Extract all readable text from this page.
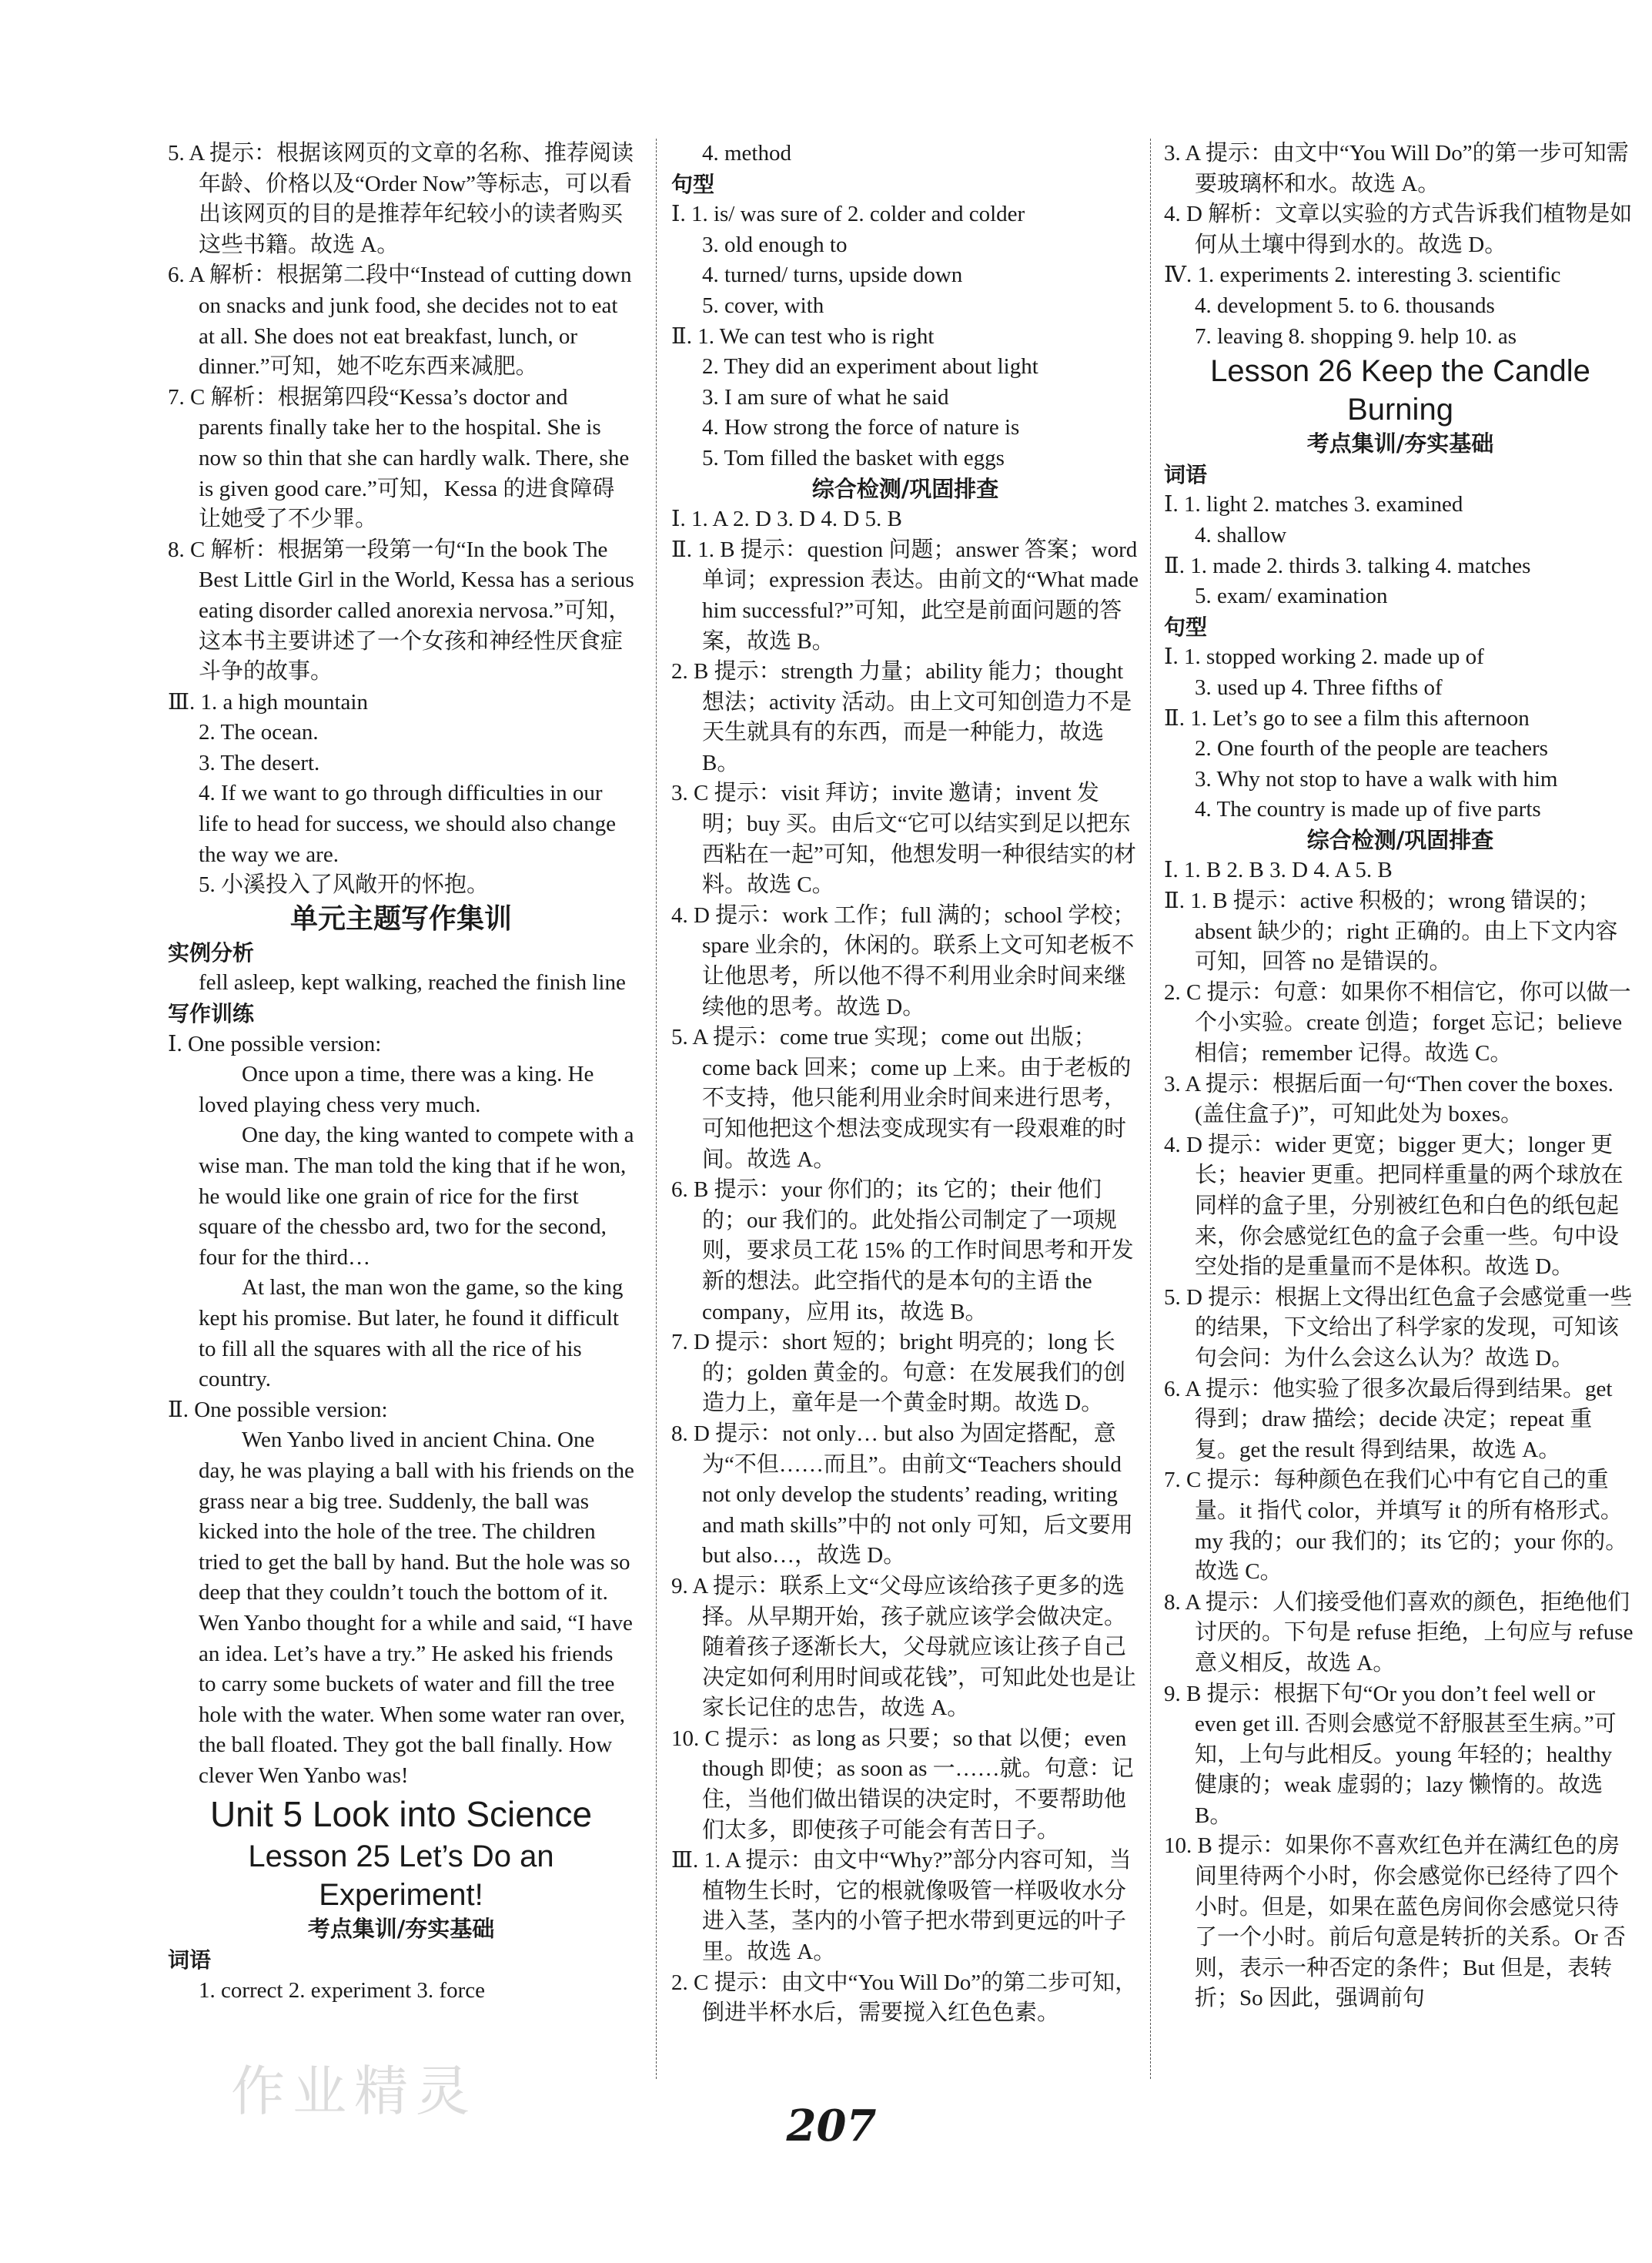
5. A 提示：根据该网页的文章的名称、推荐阅读年龄、价格以及“Order Now”等标志，可以看出该网页的目的是推荐年纪较小的读者购买这些书籍。故选 A。

6. A 解析：根据第二段中“Instead of cutting down on snacks and junk food, she decides not to eat at all. She does not eat breakfast, lunch, or dinner.”可知，她不吃东西来减肥。

7. C 解析：根据第四段“Kessa’s doctor and parents finally take her to the hospital. She is now so thin that she can hardly walk. There, she is given good care.”可知，Kessa 的进食障碍让她受了不少罪。

8. C 解析：根据第一段第一句“In the book The Best Little Girl in the World, Kessa has a serious eating disorder called anorexia nervosa.”可知，这本书主要讲述了一个女孩和神经性厌食症斗争的故事。

Ⅲ. 1. a high mountain

2. The ocean.

3. The desert.

4. If we want to go through difficulties in our life to head for success, we should also change the way we are.

5. 小溪投入了风敞开的怀抱。

单元主题写作集训

实例分析

fell asleep, kept walking, reached the finish line

写作训练

Ⅰ. One possible version:

Once upon a time, there was a king. He loved playing chess very much.

One day, the king wanted to compete with a wise man. The man told the king that if he won, he would like one grain of rice for the first square of the chessbo ard, two for the second, four for the third…

At last, the man won the game, so the king kept his promise. But later, he found it difficult to fill all the squares with all the rice of his country.

Ⅱ. One possible version:

Wen Yanbo lived in ancient China. One day, he was playing a ball with his friends on the grass near a big tree. Suddenly, the ball was kicked into the hole of the tree. The children tried to get the ball by hand. But the hole was so deep that they couldn’t touch the bottom of it. Wen Yanbo thought for a while and said, “I have an idea. Let’s have a try.” He asked his friends to carry some buckets of water and fill the tree hole with the water. When some water ran over, the ball floated. They got the ball finally. How clever Wen Yanbo was!

Unit 5 Look into Science

Lesson 25 Let’s Do an Experiment!

考点集训/夯实基础

词语

1. correct 2. experiment 3. force

4. method

句型

Ⅰ. 1. is/ was sure of 2. colder and colder

3. old enough to

4. turned/ turns, upside down

5. cover, with

Ⅱ. 1. We can test who is right

2. They did an experiment about light

3. I am sure of what he said

4. How strong the force of nature is

5. Tom filled the basket with eggs

综合检测/巩固排查

Ⅰ. 1. A 2. D 3. D 4. D 5. B

Ⅱ. 1. B 提示：question 问题；answer 答案；word 单词；expression 表达。由前文的“What made him successful?”可知，此空是前面问题的答案，故选 B。

2. B 提示：strength 力量；ability 能力；thought 想法；activity 活动。由上文可知创造力不是天生就具有的东西，而是一种能力，故选 B。

3. C 提示：visit 拜访；invite 邀请；invent 发明；buy 买。由后文“它可以结实到足以把东西粘在一起”可知，他想发明一种很结实的材料。故选 C。

4. D 提示：work 工作；full 满的；school 学校；spare 业余的，休闲的。联系上文可知老板不让他思考，所以他不得不利用业余时间来继续他的思考。故选 D。

5. A 提示：come true 实现；come out 出版；come back 回来；come up 上来。由于老板的不支持，他只能利用业余时间来进行思考，可知他把这个想法变成现实有一段艰难的时间。故选 A。

6. B 提示：your 你们的；its 它的；their 他们的；our 我们的。此处指公司制定了一项规则，要求员工花 15% 的工作时间思考和开发新的想法。此空指代的是本句的主语 the company，应用 its，故选 B。

7. D 提示：short 短的；bright 明亮的；long 长的；golden 黄金的。句意：在发展我们的创造力上，童年是一个黄金时期。故选 D。

8. D 提示：not only… but also 为固定搭配，意为“不但……而且”。由前文“Teachers should not only develop the students’ reading, writing and math skills”中的 not only 可知，后文要用 but also…，故选 D。

9. A 提示：联系上文“父母应该给孩子更多的选择。从早期开始，孩子就应该学会做决定。随着孩子逐渐长大，父母就应该让孩子自己决定如何利用时间或花钱”，可知此处也是让家长记住的忠告，故选 A。

10. C 提示：as long as 只要；so that 以便；even though 即使；as soon as 一……就。句意：记住，当他们做出错误的决定时，不要帮助他们太多，即使孩子可能会有苦日子。

Ⅲ. 1. A 提示：由文中“Why?”部分内容可知，当植物生长时，它的根就像吸管一样吸收水分进入茎，茎内的小管子把水带到更远的叶子里。故选 A。

2. C 提示：由文中“You Will Do”的第二步可知，倒进半杯水后，需要搅入红色色素。

3. A 提示：由文中“You Will Do”的第一步可知需要玻璃杯和水。故选 A。

4. D 解析：文章以实验的方式告诉我们植物是如何从土壤中得到水的。故选 D。

Ⅳ. 1. experiments 2. interesting 3. scientific

4. development 5. to 6. thousands

7. leaving 8. shopping 9. help 10. as

Lesson 26 Keep the Candle Burning

考点集训/夯实基础

词语

Ⅰ. 1. light 2. matches 3. examined

4. shallow

Ⅱ. 1. made 2. thirds 3. talking 4. matches

5. exam/ examination

句型

Ⅰ. 1. stopped working 2. made up of

3. used up 4. Three fifths of

Ⅱ. 1. Let’s go to see a film this afternoon

2. One fourth of the people are teachers

3. Why not stop to have a walk with him

4. The country is made up of five parts

综合检测/巩固排查

Ⅰ. 1. B 2. B 3. D 4. A 5. B

Ⅱ. 1. B 提示：active 积极的；wrong 错误的；absent 缺少的；right 正确的。由上下文内容可知，回答 no 是错误的。

2. C 提示：句意：如果你不相信它，你可以做一个小实验。create 创造；forget 忘记；believe 相信；remember 记得。故选 C。

3. A 提示：根据后面一句“Then cover the boxes.(盖住盒子)”，可知此处为 boxes。

4. D 提示：wider 更宽；bigger 更大；longer 更长；heavier 更重。把同样重量的两个球放在同样的盒子里，分别被红色和白色的纸包起来，你会感觉红色的盒子会重一些。句中设空处指的是重量而不是体积。故选 D。

5. D 提示：根据上文得出红色盒子会感觉重一些的结果，下文给出了科学家的发现，可知该句会问：为什么会这么认为？故选 D。

6. A 提示：他实验了很多次最后得到结果。get 得到；draw 描绘；decide 决定；repeat 重复。get the result 得到结果，故选 A。

7. C 提示：每种颜色在我们心中有它自己的重量。it 指代 color，并填写 it 的所有格形式。my 我的；our 我们的；its 它的；your 你的。故选 C。

8. A 提示：人们接受他们喜欢的颜色，拒绝他们讨厌的。下句是 refuse 拒绝，上句应与 refuse 意义相反，故选 A。

9. B 提示：根据下句“Or you don’t feel well or even get ill. 否则会感觉不舒服甚至生病。”可知，上句与此相反。young 年轻的；healthy 健康的；weak 虚弱的；lazy 懒惰的。故选 B。

10. B 提示：如果你不喜欢红色并在满红色的房间里待两个小时，你会感觉你已经待了四个小时。但是，如果在蓝色房间你会感觉只待了一个小时。前后句意是转折的关系。Or 否则，表示一种否定的条件；But 但是，表转折；So 因此，强调前句

作业精灵
207
